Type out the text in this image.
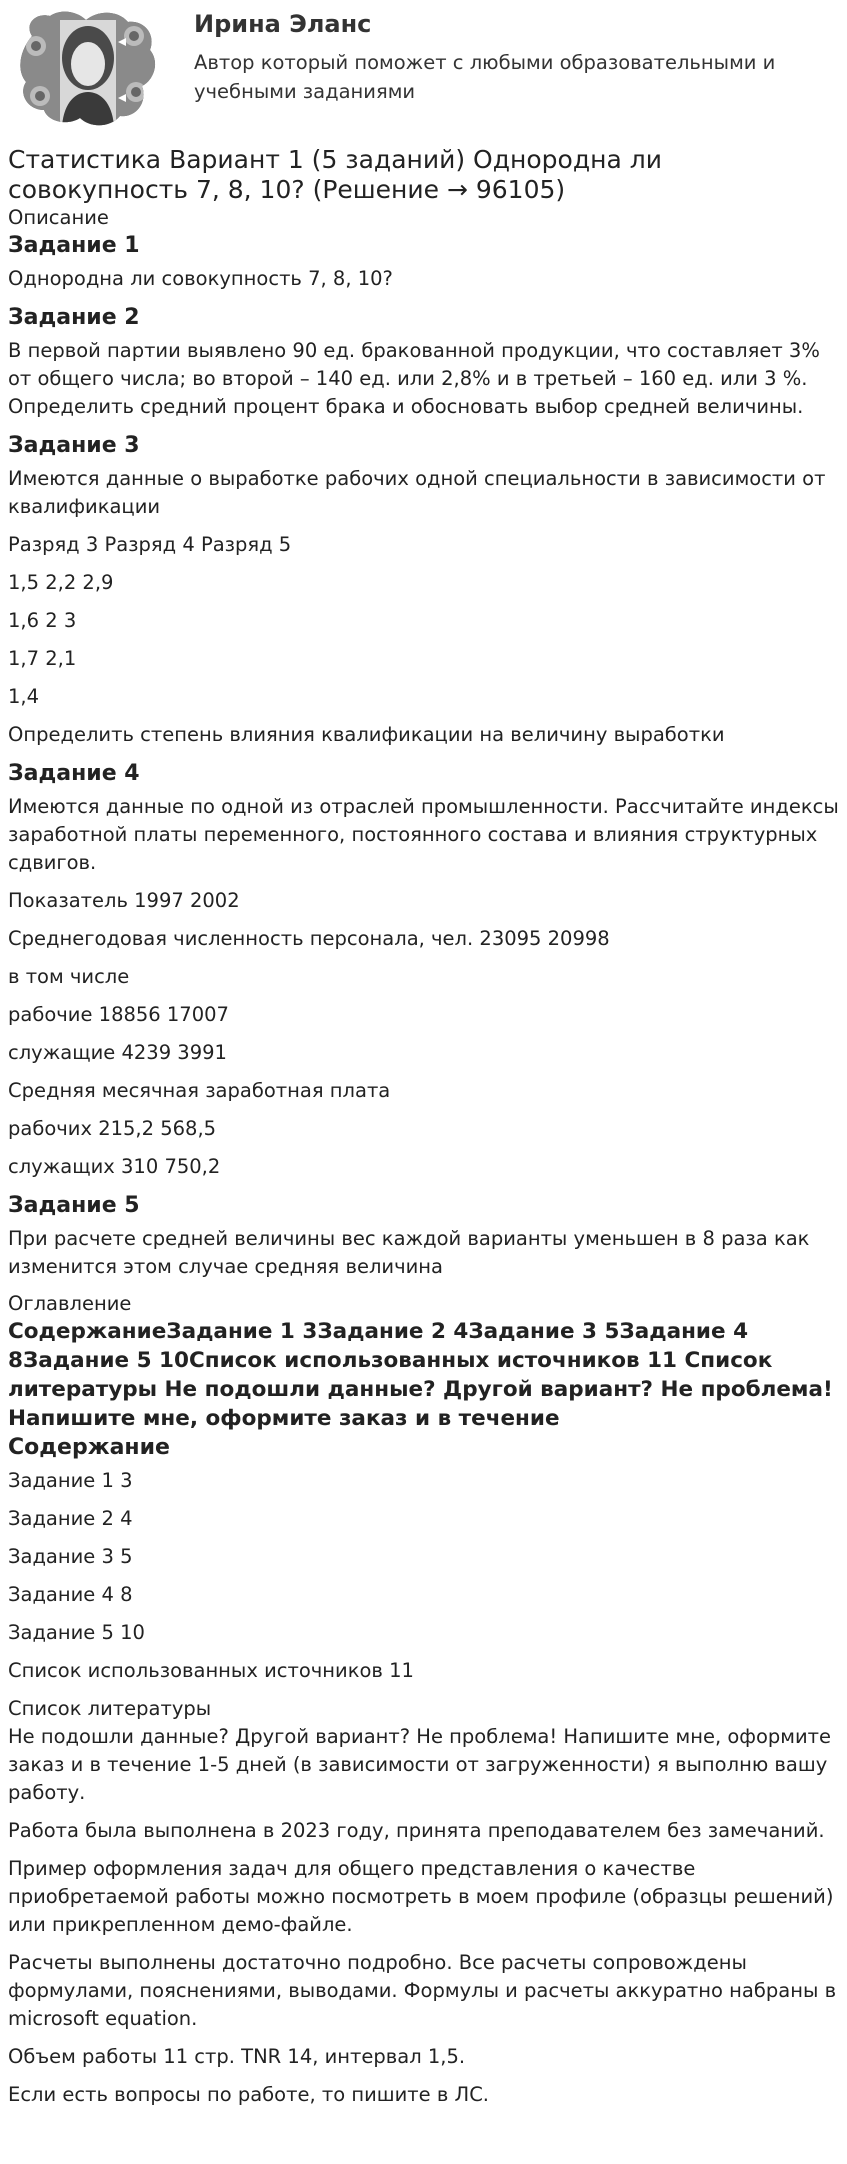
Ирина Эланс
Автор который поможет с любыми образовательными и учебными заданиями
Статистика Вариант 1 (5 заданий) Однородна ли совокупность 7, 8, 10? (Решение → 96105)
Описание
Задание 1

Однородна ли совокупность 7, 8, 10?

Задание 2

В первой партии выявлено 90 ед. бракованной продукции, что составляет 3% от общего числа; во второй – 140 ед. или 2,8% и в третьей – 160 ед. или 3 %. Определить средний процент брака и обосновать выбор средней величины.

Задание 3

Имеются данные о выработке рабочих одной специальности в зависимости от квалификации

Разряд 3 Разряд 4 Разряд 5

1,5 2,2 2,9

1,6 2 3

1,7 2,1

1,4

Определить степень влияния квалификации на величину выработки

Задание 4

Имеются данные по одной из отраслей промышленности. Рассчитайте индексы заработной платы переменного, постоянного состава и влияния структурных сдвигов.

Показатель 1997 2002

Среднегодовая численность персонала, чел. 23095 20998

в том числе

рабочие 18856 17007

служащие 4239 3991

Средняя месячная заработная плата

рабочих 215,2 568,5

служащих 310 750,2

Задание 5

При расчете средней величины вес каждой варианты уменьшен в 8 раза как изменится этом случае средняя величина

Оглавление
СодержаниеЗадание 1 3Задание 2 4Задание 3 5Задание 4 8Задание 5 10Список использованных источников 11 Список литературы Не подошли данные? Другой вариант? Не проблема! Напишите мне, оформите заказ и в течение
Содержание

Задание 1 3

Задание 2 4

Задание 3 5

Задание 4 8

Задание 5 10

Список использованных источников 11

Список литературы

Не подошли данные? Другой вариант? Не проблема! Напишите мне, оформите заказ и в течение 1-5 дней (в зависимости от загруженности) я выполню вашу работу.

Работа была выполнена в 2023 году, принята преподавателем без замечаний.

Пример оформления задач для общего представления о качестве приобретаемой работы можно посмотреть в моем профиле (образцы решений) или прикрепленном демо-файле.

Расчеты выполнены достаточно подробно. Все расчеты сопровождены формулами, пояснениями, выводами. Формулы и расчеты аккуратно набраны в microsoft equation.

Объем работы 11 стр. TNR 14, интервал 1,5.

Если есть вопросы по работе, то пишите в ЛС.
